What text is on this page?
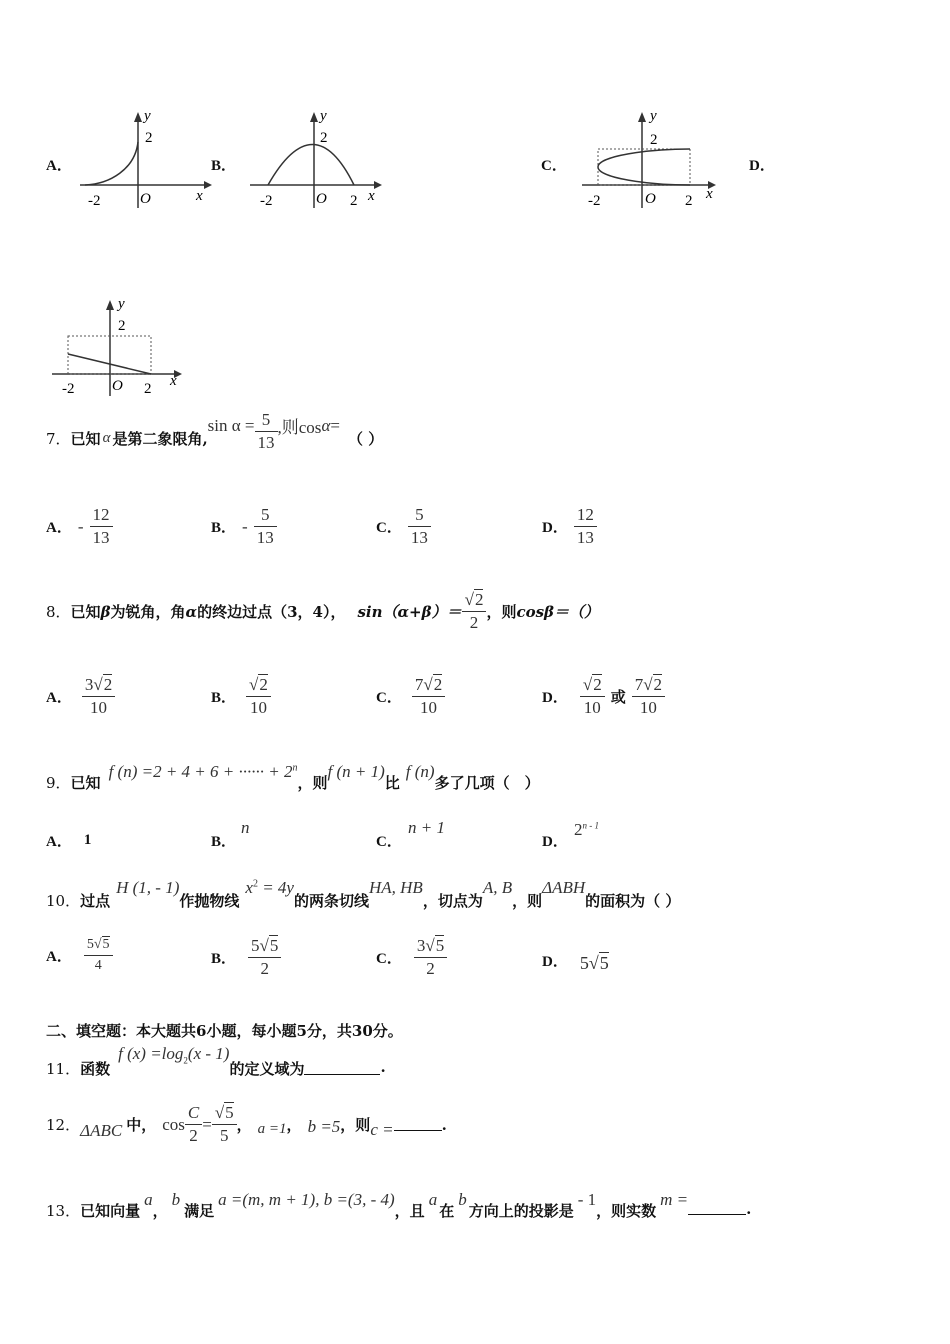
A．
-2
2
O	x
y
B．
-2	2
2
O	x
y
C．
-2	2
2
O	x
y
D．
-2	2
2
O	x
y
7． 已知 α 是第二象限角,
$\sin \alpha = \frac{5}{13}$ ,则cos α =
（ ）
A． - $\frac{12}{13}$	B． - $\frac{5}{13}$	C． $\frac{5}{13}$	D． $\frac{12}{13}$
8． 已知 β 为锐角，角 α 的终边过点（3，4）， $\sin(\alpha+\beta)= \frac{√2}{2}$ ，则 cosβ＝（）
A． $\frac{3√2}{10}$	B． $\frac{√2}{10}$	C． $\frac{7√2}{10}$	D． $\frac{√2}{10}$ 或 $\frac{7√2}{10}$
9． 已知
f (n) =2 + 4 + 6 + ······ + $2^n$
，则
f (n + 1)
比
f (n)
多了几项（　）
A． 1	B．
n
C．
n + 1
D．
2$^{n - 1}$
10． 过点
H (1, - 1)
作抛物线
$x^2 = 4y$
的两条切线
HA, HB
，切点为
A, B
，则
ΔABH
的面积为（ ）
A． $\frac{5√5}{4}$	B． $\frac{5√5}{2}$	C． $\frac{3√5}{2}$	D． 5√5
二、填空题：本大题共6小题，每小题5分，共30分。
11． 函数
f $(x) =\log_2(x - 1)$
的定义域为	.
12． ΔABC 中， $\cos \frac{C}{2} = \frac{√5}{5}$ ， a =1 ， b =5 ，则 c =	.
13． 已知向量
a
，
b
满足
a =(m, m + 1), b =(3, - 4)
，且
a
在
b
方向上的投影是
- 1
，则实数
m =	.
